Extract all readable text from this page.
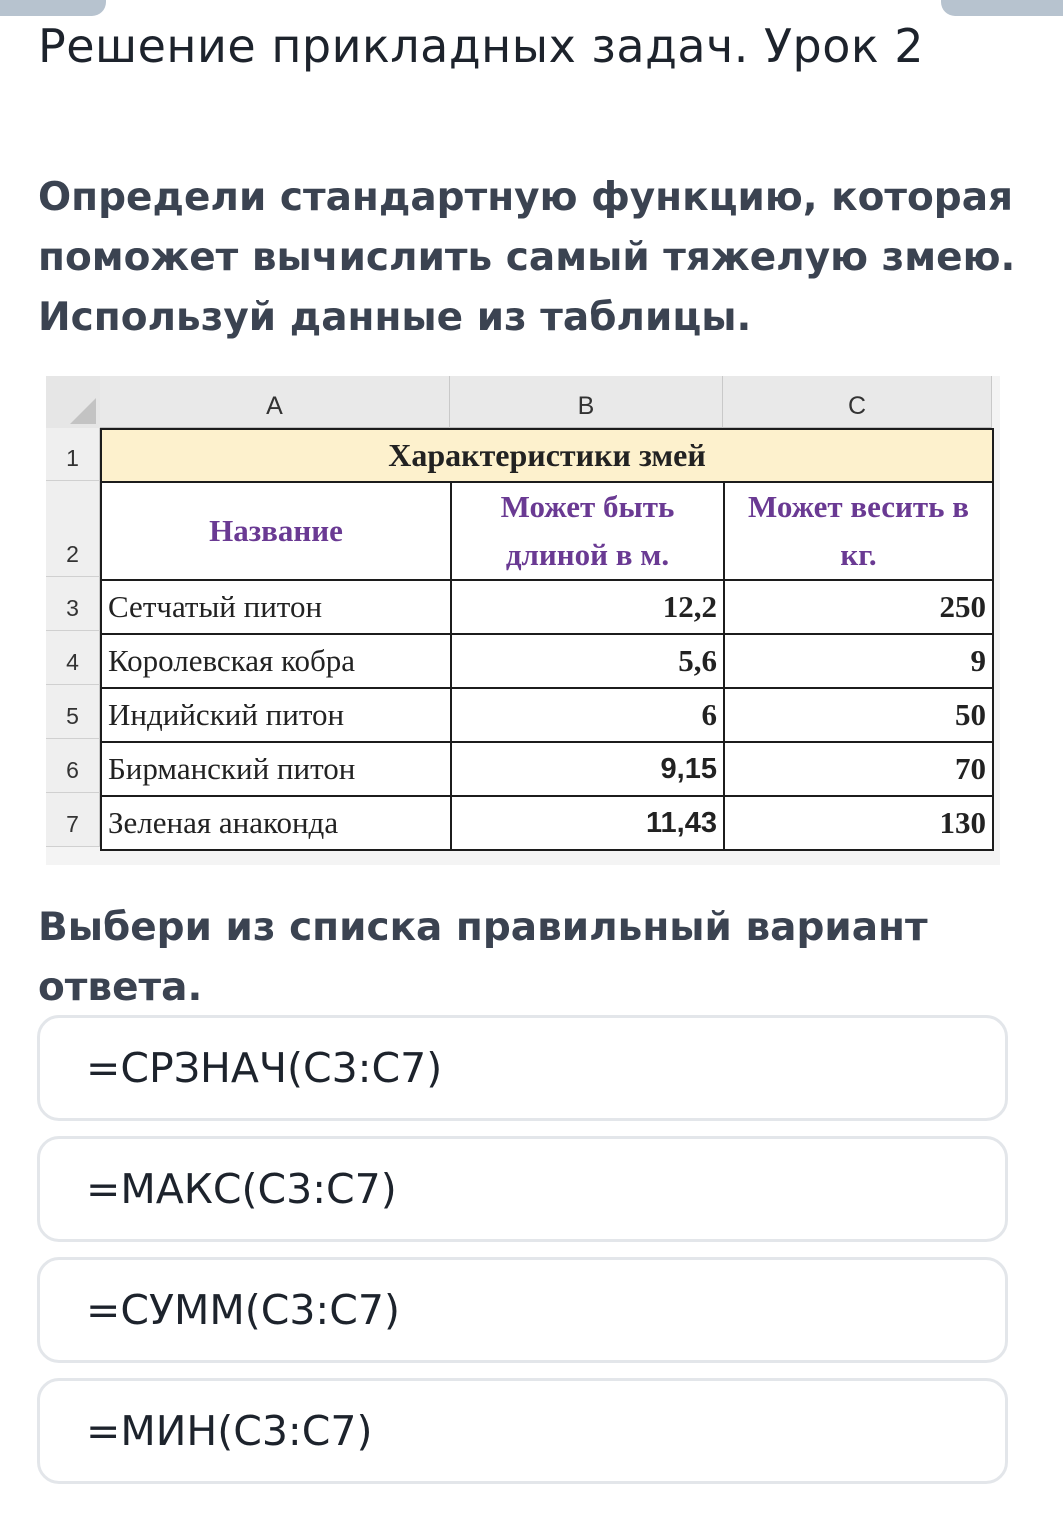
Решение прикладных задач. Урок 2

Определи стандартную функцию, которая поможет вычислить самый тяжелую змею. Используй данные из таблицы.

A	B	C
1
2
3
4
5
6
7
Характеристики змей		
Название	Может быть длиной в м.	Может весить в кг.
Сетчатый питон	12,2	250
Королевская кобра	5,6	9
Индийский питон	6	50
Бирманский питон	9,15	70
Зеленая анаконда	11,43	130

Выбери из списка правильный вариант ответа.

=СРЗНАЧ(C3:C7)
=МАКС(C3:C7)
=СУММ(C3:C7)
=МИН(C3:C7)
